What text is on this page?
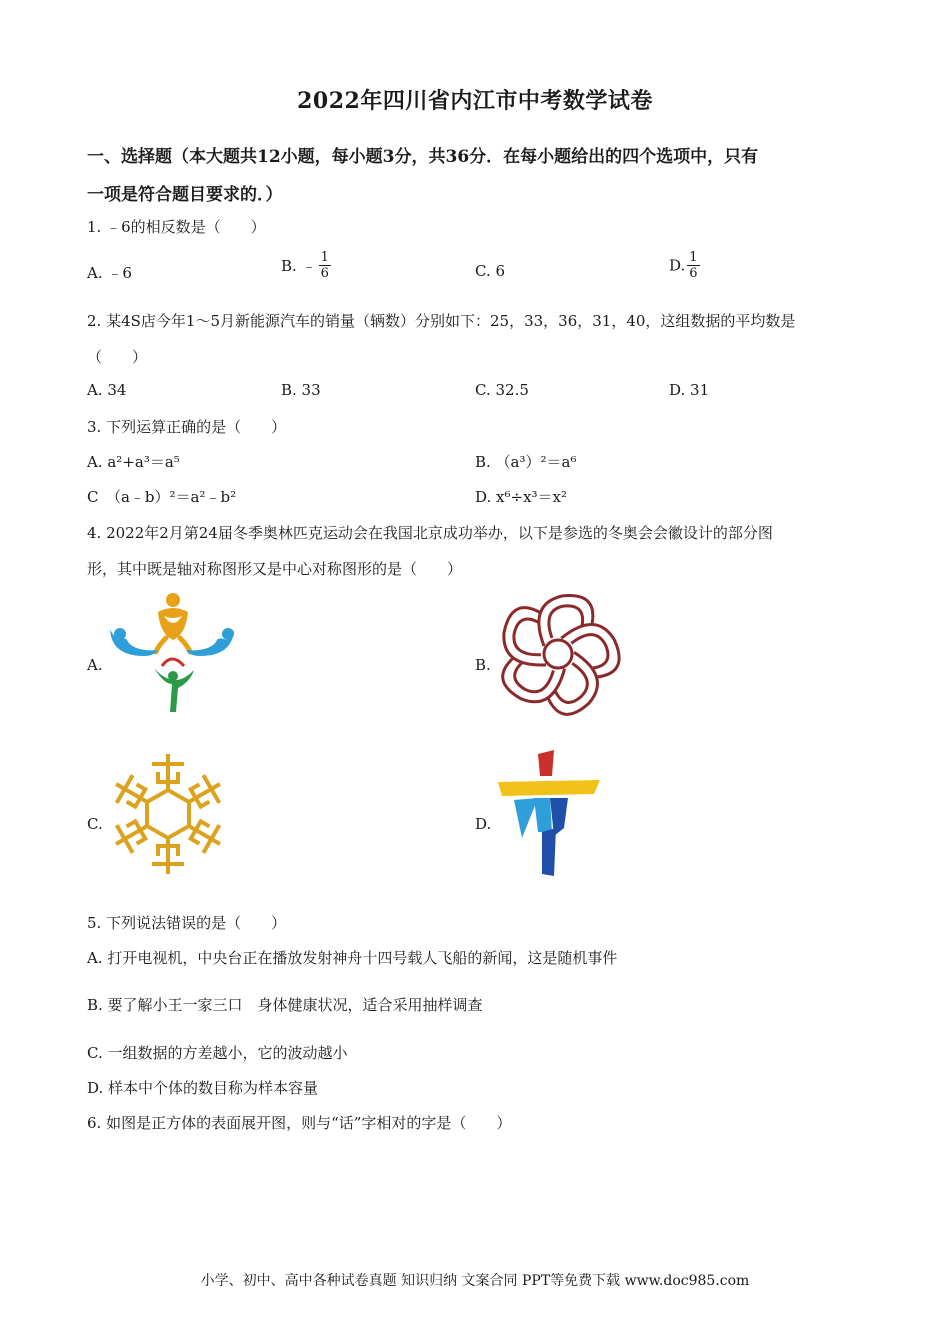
2022年四川省内江市中考数学试卷
一、选择题（本大题共12小题，每小题3分，共36分．在每小题给出的四个选项中，只有
一项是符合题目要求的．）
1. ﹣6的相反数是（　　）
A. ﹣6	B. ﹣ $\frac{1}{6}$	C. 6	D. $\frac{1}{6}$
2. 某4S店今年1～5月新能源汽车的销量（辆数）分别如下：25，33，36，31，40，这组数据的平均数是
（　　）
A. 34	B. 33	C. 32.5	D. 31
3. 下列运算正确的是（　　）
A. a²+a³＝a⁵	B. （a³）²＝a⁶
C　（a﹣b）²＝a²﹣b²	D. x⁶÷x³＝x²
4. 2022年2月第24届冬季奥林匹克运动会在我国北京成功举办，以下是参选的冬奥会会徽设计的部分图
形，其中既是轴对称图形又是中心对称图形的是（　　）
A.	B.
C.	D.
5. 下列说法错误的是（　　）
A. 打开电视机，中央台正在播放发射神舟十四号载人飞船的新闻，这是随机事件
B. 要了解小王一家三口　身体健康状况，适合采用抽样调查
C. 一组数据的方差越小，它的波动越小
D. 样本中个体的数目称为样本容量
6. 如图是正方体的表面展开图，则与“话”字相对的字是（　　）
小学、初中、高中各种试卷真题 知识归纳 文案合同 PPT等免费下载 www.doc985.com
